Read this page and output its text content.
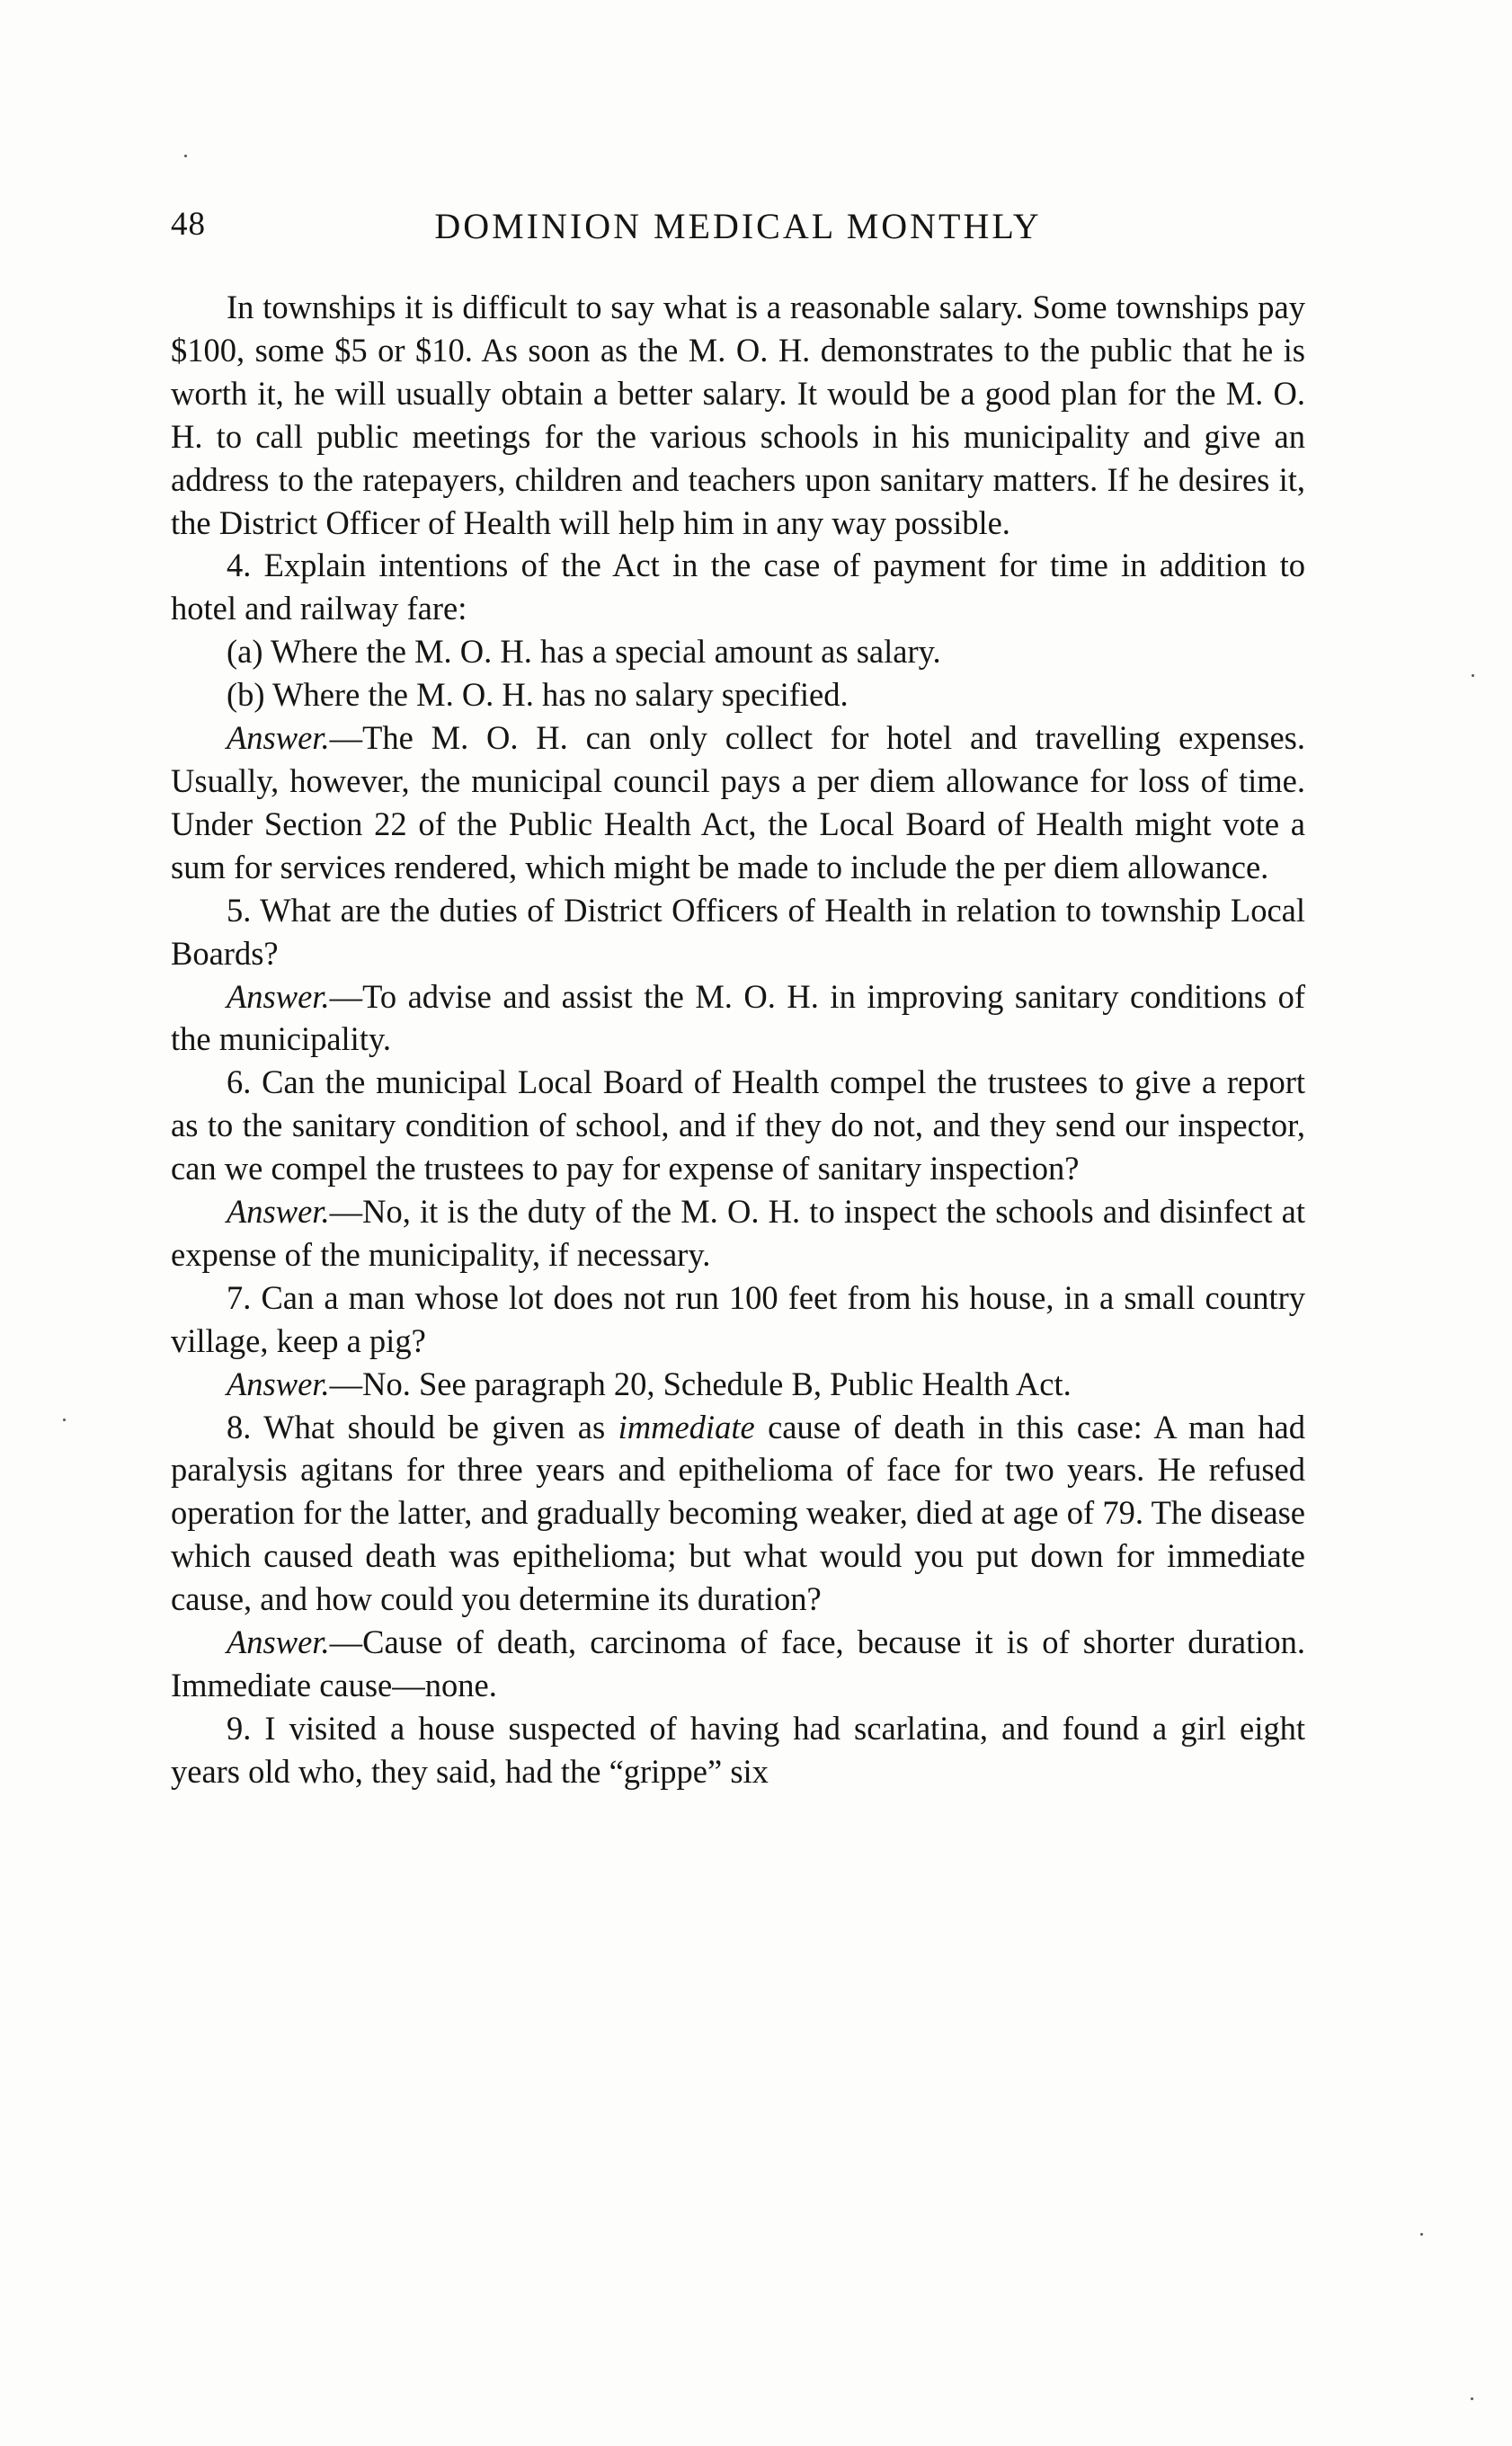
48	DOMINION MEDICAL MONTHLY

In townships it is difficult to say what is a reasonable salary. Some townships pay $100, some $5 or $10. As soon as the M. O. H. demonstrates to the public that he is worth it, he will usually obtain a better salary. It would be a good plan for the M. O. H. to call public meetings for the various schools in his municipality and give an address to the ratepayers, children and teachers upon sanitary matters. If he desires it, the District Officer of Health will help him in any way possible.

4. Explain intentions of the Act in the case of payment for time in addition to hotel and railway fare:

(a) Where the M. O. H. has a special amount as salary.

(b) Where the M. O. H. has no salary specified.

Answer.—The M. O. H. can only collect for hotel and travelling expenses. Usually, however, the municipal council pays a per diem allowance for loss of time. Under Section 22 of the Public Health Act, the Local Board of Health might vote a sum for services rendered, which might be made to include the per diem allowance.

5. What are the duties of District Officers of Health in relation to township Local Boards?

Answer.—To advise and assist the M. O. H. in improving sanitary conditions of the municipality.

6. Can the municipal Local Board of Health compel the trustees to give a report as to the sanitary condition of school, and if they do not, and they send our inspector, can we compel the trustees to pay for expense of sanitary inspection?

Answer.—No, it is the duty of the M. O. H. to inspect the schools and disinfect at expense of the municipality, if necessary.

7. Can a man whose lot does not run 100 feet from his house, in a small country village, keep a pig?

Answer.—No. See paragraph 20, Schedule B, Public Health Act.

8. What should be given as immediate cause of death in this case: A man had paralysis agitans for three years and epithelioma of face for two years. He refused operation for the latter, and gradually becoming weaker, died at age of 79. The disease which caused death was epithelioma; but what would you put down for immediate cause, and how could you determine its duration?

Answer.—Cause of death, carcinoma of face, because it is of shorter duration. Immediate cause—none.

9. I visited a house suspected of having had scarlatina, and found a girl eight years old who, they said, had the “grippe” six
